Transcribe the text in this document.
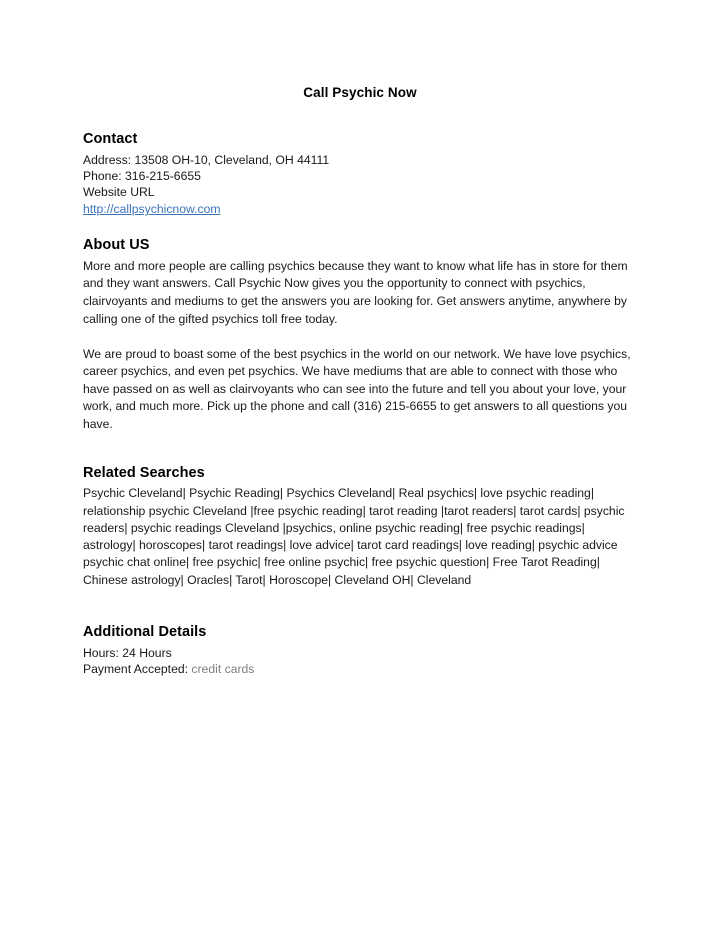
Call Psychic Now
Contact
Address: 13508 OH-10, Cleveland, OH 44111
Phone: 316-215-6655
Website URL
http://callpsychicnow.com
About US

More and more people are calling psychics because they want to know what life has in store for them and they want answers. Call Psychic Now gives you the opportunity to connect with psychics, clairvoyants and mediums to get the answers you are looking for. Get answers anytime, anywhere by calling one of the gifted psychics toll free today.

We are proud to boast some of the best psychics in the world on our network. We have love psychics, career psychics, and even pet psychics. We have mediums that are able to connect with those who have passed on as well as clairvoyants who can see into the future and tell you about your love, your work, and much more. Pick up the phone and call (316) 215-6655 to get answers to all questions you have.

Related Searches

Psychic Cleveland| Psychic Reading| Psychics Cleveland| Real psychics| love psychic reading| relationship psychic Cleveland |free psychic reading| tarot reading |tarot readers| tarot cards| psychic readers| psychic readings Cleveland |psychics, online psychic reading| free psychic readings| astrology| horoscopes| tarot readings| love advice| tarot card readings| love reading| psychic advice psychic chat online| free psychic| free online psychic| free psychic question| Free Tarot Reading| Chinese astrology| Oracles| Tarot| Horoscope| Cleveland OH| Cleveland

Additional Details
Hours: 24 Hours
Payment Accepted: credit cards
